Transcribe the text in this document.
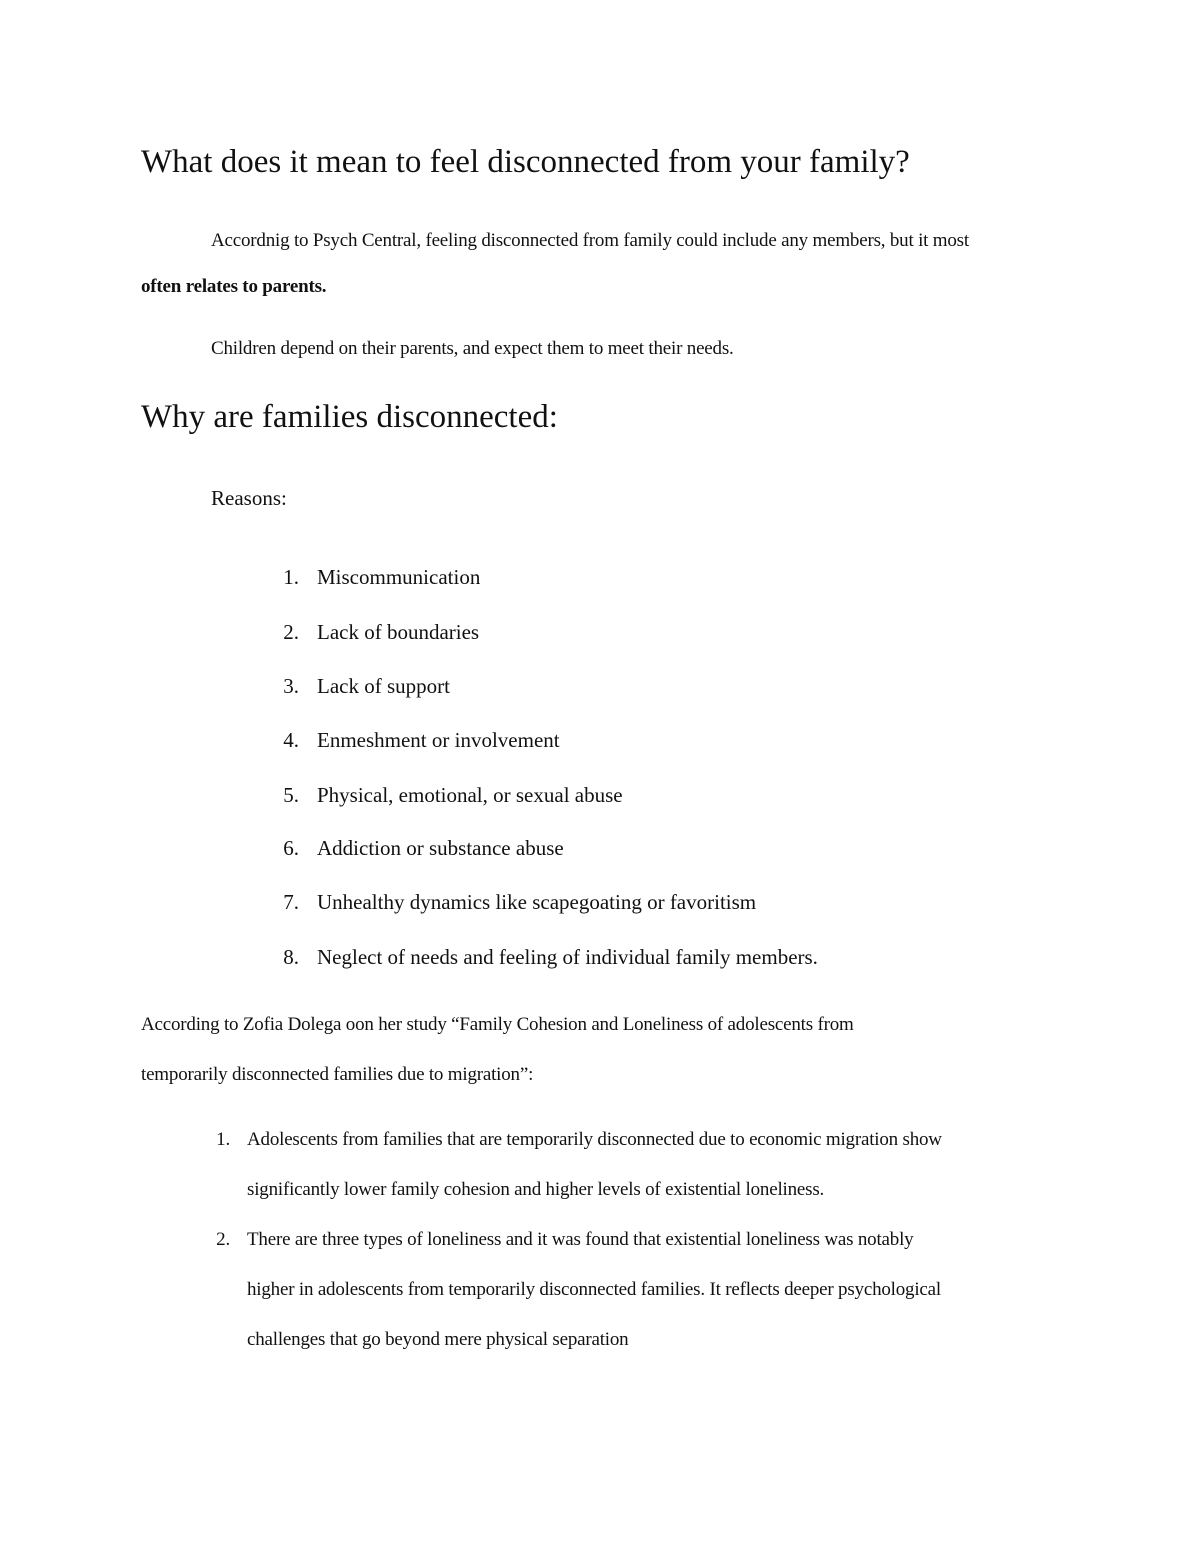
What does it mean to feel disconnected from your family?
Accordnig to Psych Central, feeling disconnected from family could include any members, but it most
often relates to parents.
Children depend on their parents, and expect them to meet their needs.
Why are families disconnected:
Reasons:
1. Miscommunication
2. Lack of boundaries
3. Lack of support
4. Enmeshment or involvement
5. Physical, emotional, or sexual abuse
6. Addiction or substance abuse
7. Unhealthy dynamics like scapegoating or favoritism
8. Neglect of needs and feeling of individual family members.
According to Zofia Dolega oon her study “Family Cohesion and Loneliness of adolescents from
temporarily disconnected families due to migration”:
1. Adolescents from families that are temporarily disconnected due to economic migration show
significantly lower family cohesion and higher levels of existential loneliness.
2. There are three types of loneliness and it was found that existential loneliness was notably
higher in adolescents from temporarily disconnected families. It reflects deeper psychological
challenges that go beyond mere physical separation
